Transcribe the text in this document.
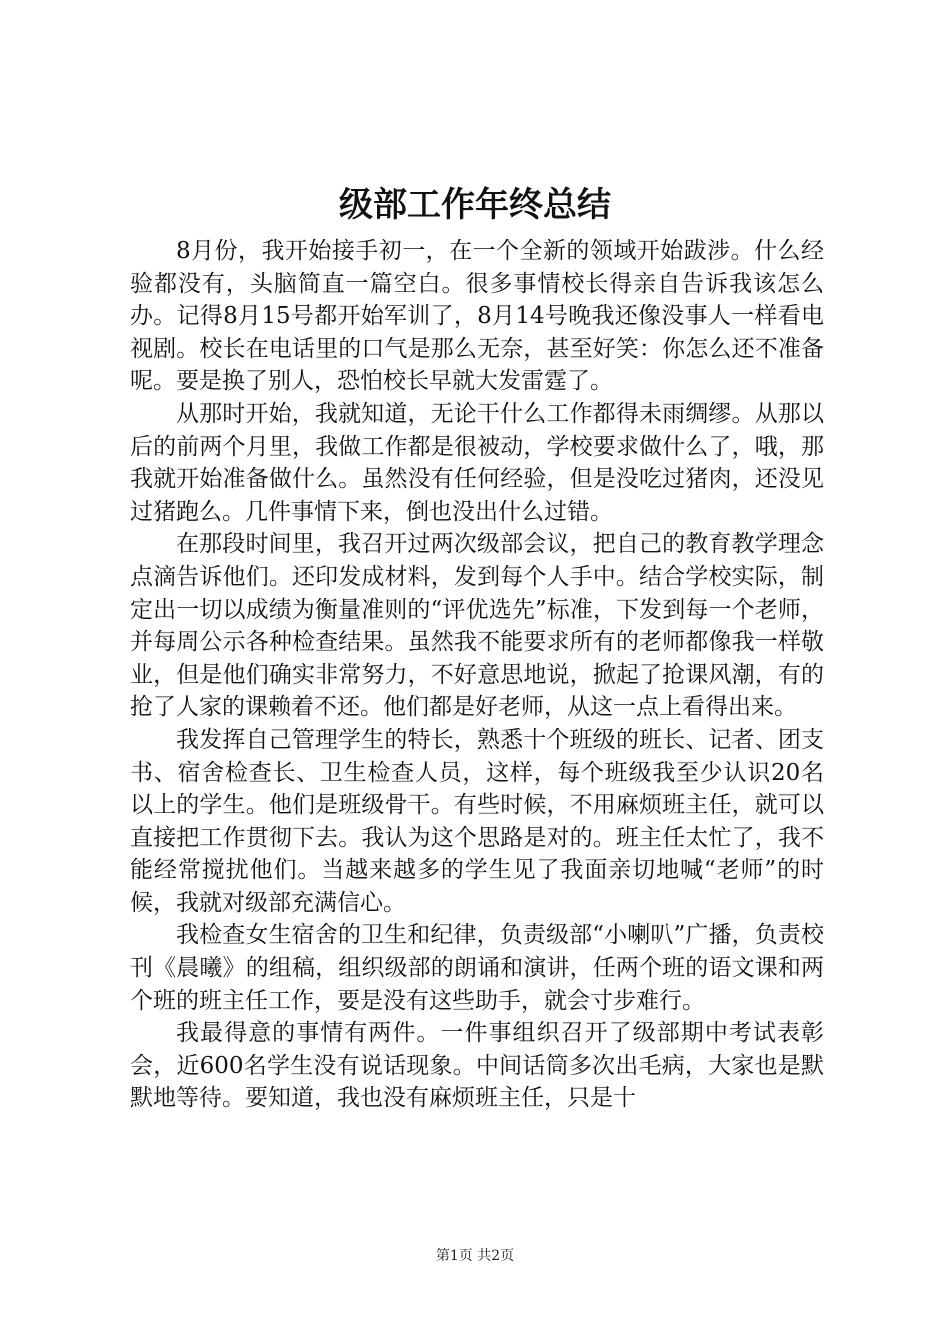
级部工作年终总结

8月份，我开始接手初一，在一个全新的领域开始跋涉。什么经验都没有，头脑简直一篇空白。很多事情校长得亲自告诉我该怎么办。记得8月15号都开始军训了，8月14号晚我还像没事人一样看电视剧。校长在电话里的口气是那么无奈，甚至好笑：你怎么还不准备呢。要是换了别人，恐怕校长早就大发雷霆了。

从那时开始，我就知道，无论干什么工作都得未雨绸缪。从那以后的前两个月里，我做工作都是很被动，学校要求做什么了，哦，那我就开始准备做什么。虽然没有任何经验，但是没吃过猪肉，还没见过猪跑么。几件事情下来，倒也没出什么过错。

在那段时间里，我召开过两次级部会议，把自己的教育教学理念点滴告诉他们。还印发成材料，发到每个人手中。结合学校实际，制定出一切以成绩为衡量准则的“评优选先”标准，下发到每一个老师，并每周公示各种检查结果。虽然我不能要求所有的老师都像我一样敬业，但是他们确实非常努力，不好意思地说，掀起了抢课风潮，有的抢了人家的课赖着不还。他们都是好老师，从这一点上看得出来。

我发挥自己管理学生的特长，熟悉十个班级的班长、记者、团支书、宿舍检查长、卫生检查人员，这样，每个班级我至少认识20名以上的学生。他们是班级骨干。有些时候，不用麻烦班主任，就可以直接把工作贯彻下去。我认为这个思路是对的。班主任太忙了，我不能经常搅扰他们。当越来越多的学生见了我面亲切地喊“老师”的时候，我就对级部充满信心。

我检查女生宿舍的卫生和纪律，负责级部“小喇叭”广播，负责校刊《晨曦》的组稿，组织级部的朗诵和演讲，任两个班的语文课和两个班的班主任工作，要是没有这些助手，就会寸步难行。

我最得意的事情有两件。一件事组织召开了级部期中考试表彰会，近600名学生没有说话现象。中间话筒多次出毛病，大家也是默默地等待。要知道，我也没有麻烦班主任，只是十

第1页 共2页
